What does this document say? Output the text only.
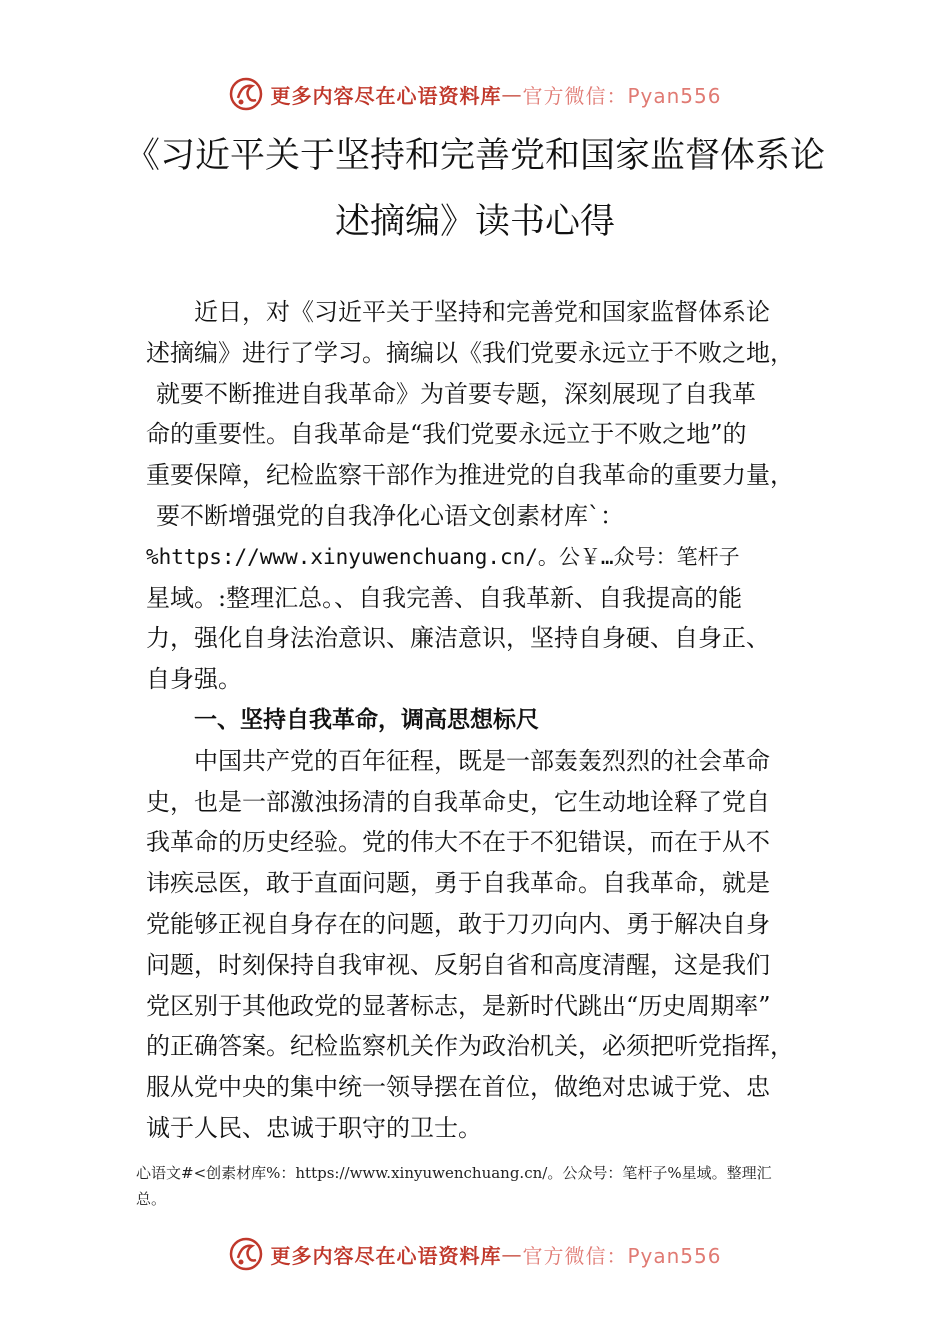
更多内容尽在心语资料库 — 官方微信：Pyan556
《习近平关于坚持和完善党和国家监督体系论
述摘编》读书心得
近日，对《习近平关于坚持和完善党和国家监督体系论
述摘编》进行了学习。摘编以《我们党要永远立于不败之地，
就要不断推进自我革命》为首要专题，深刻展现了自我革
命的重要性。自我革命是“我们党要永远立于不败之地”的
重要保障，纪检监察干部作为推进党的自我革命的重要力量，
要不断增强党的自我净化心语文创素材库`：
%https://www.xinyuwenchuang.cn/。公￥…众号：笔杆子
星域。:整理汇总。、自我完善、自我革新、自我提高的能
力，强化自身法治意识、廉洁意识，坚持自身硬、自身正、
自身强。
一、坚持自我革命，调高思想标尺
中国共产党的百年征程，既是一部轰轰烈烈的社会革命
史，也是一部激浊扬清的自我革命史，它生动地诠释了党自
我革命的历史经验。党的伟大不在于不犯错误，而在于从不
讳疾忌医，敢于直面问题，勇于自我革命。自我革命，就是
党能够正视自身存在的问题，敢于刀刃向内、勇于解决自身
问题，时刻保持自我审视、反躬自省和高度清醒，这是我们
党区别于其他政党的显著标志，是新时代跳出“历史周期率”
的正确答案。纪检监察机关作为政治机关，必须把听党指挥，
服从党中央的集中统一领导摆在首位，做绝对忠诚于党、忠
诚于人民、忠诚于职守的卫士。
心语文#<创素材库%：https://www.xinyuwenchuang.cn/。公众号：笔杆子%星域。整理汇
总。
更多内容尽在心语资料库 — 官方微信：Pyan556
